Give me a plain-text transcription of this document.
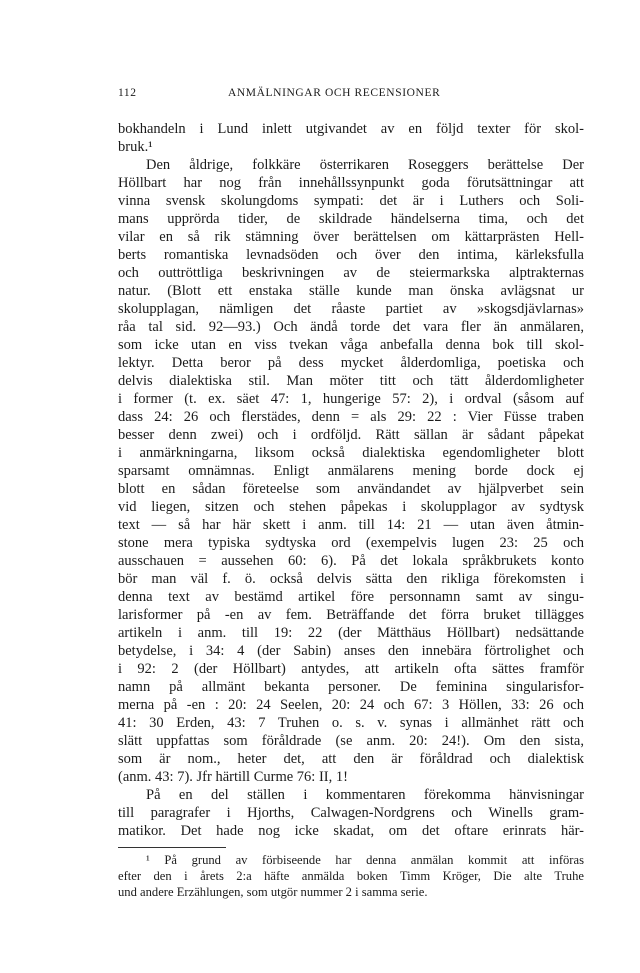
112	ANMÄLNINGAR OCH RECENSIONER
bokhandeln i Lund inlett utgivandet av en följd texter för skol-
bruk.¹
Den åldrige, folkkäre österrikaren Roseggers berättelse Der
Höllbart har nog från innehållssynpunkt goda förutsättningar att
vinna svensk skolungdoms sympati: det är i Luthers och Soli-
mans upprörda tider, de skildrade händelserna tima, och det
vilar en så rik stämning över berättelsen om kättarprästen Hell-
berts romantiska levnadsöden och över den intima, kärleksfulla
och outtröttliga beskrivningen av de steiermarkska alptrakternas
natur. (Blott ett enstaka ställe kunde man önska avlägsnat ur
skolupplagan, nämligen det råaste partiet av »skogsdjävlarnas»
råa tal sid. 92—93.) Och ändå torde det vara fler än anmälaren,
som icke utan en viss tvekan våga anbefalla denna bok till skol-
lektyr. Detta beror på dess mycket ålderdomliga, poetiska och
delvis dialektiska stil. Man möter titt och tätt ålderdomligheter
i former (t. ex. säet 47: 1, hungerige 57: 2), i ordval (såsom auf
dass 24: 26 och flerstädes, denn = als 29: 22 : Vier Füsse traben
besser denn zwei) och i ordföljd. Rätt sällan är sådant påpekat
i anmärkningarna, liksom också dialektiska egendomligheter blott
sparsamt omnämnas. Enligt anmälarens mening borde dock ej
blott en sådan företeelse som användandet av hjälpverbet sein
vid liegen, sitzen och stehen påpekas i skolupplagor av sydtysk
text — så har här skett i anm. till 14: 21 — utan även åtmin-
stone mera typiska sydtyska ord (exempelvis lugen 23: 25 och
ausschauen = aussehen 60: 6). På det lokala språkbrukets konto
bör man väl f. ö. också delvis sätta den rikliga förekomsten i
denna text av bestämd artikel före personnamn samt av singu-
larisformer på -en av fem. Beträffande det förra bruket tillägges
artikeln i anm. till 19: 22 (der Mätthäus Höllbart) nedsättande
betydelse, i 34: 4 (der Sabin) anses den innebära förtrolighet och
i 92: 2 (der Höllbart) antydes, att artikeln ofta sättes framför
namn på allmänt bekanta personer. De feminina singularisfor-
merna på -en : 20: 24 Seelen, 20: 24 och 67: 3 Höllen, 33: 26 och
41: 30 Erden, 43: 7 Truhen o. s. v. synas i allmänhet rätt och
slätt uppfattas som föråldrade (se anm. 20: 24!). Om den sista,
som är nom., heter det, att den är föråldrad och dialektisk
(anm. 43: 7). Jfr härtill Curme 76: II, 1!
På en del ställen i kommentaren förekomma hänvisningar
till paragrafer i Hjorths, Calwagen-Nordgrens och Winells gram-
matikor. Det hade nog icke skadat, om det oftare erinrats här-
¹ På grund av förbiseende har denna anmälan kommit att införas
efter den i årets 2:a häfte anmälda boken Timm Kröger, Die alte Truhe
und andere Erzählungen, som utgör nummer 2 i samma serie.
